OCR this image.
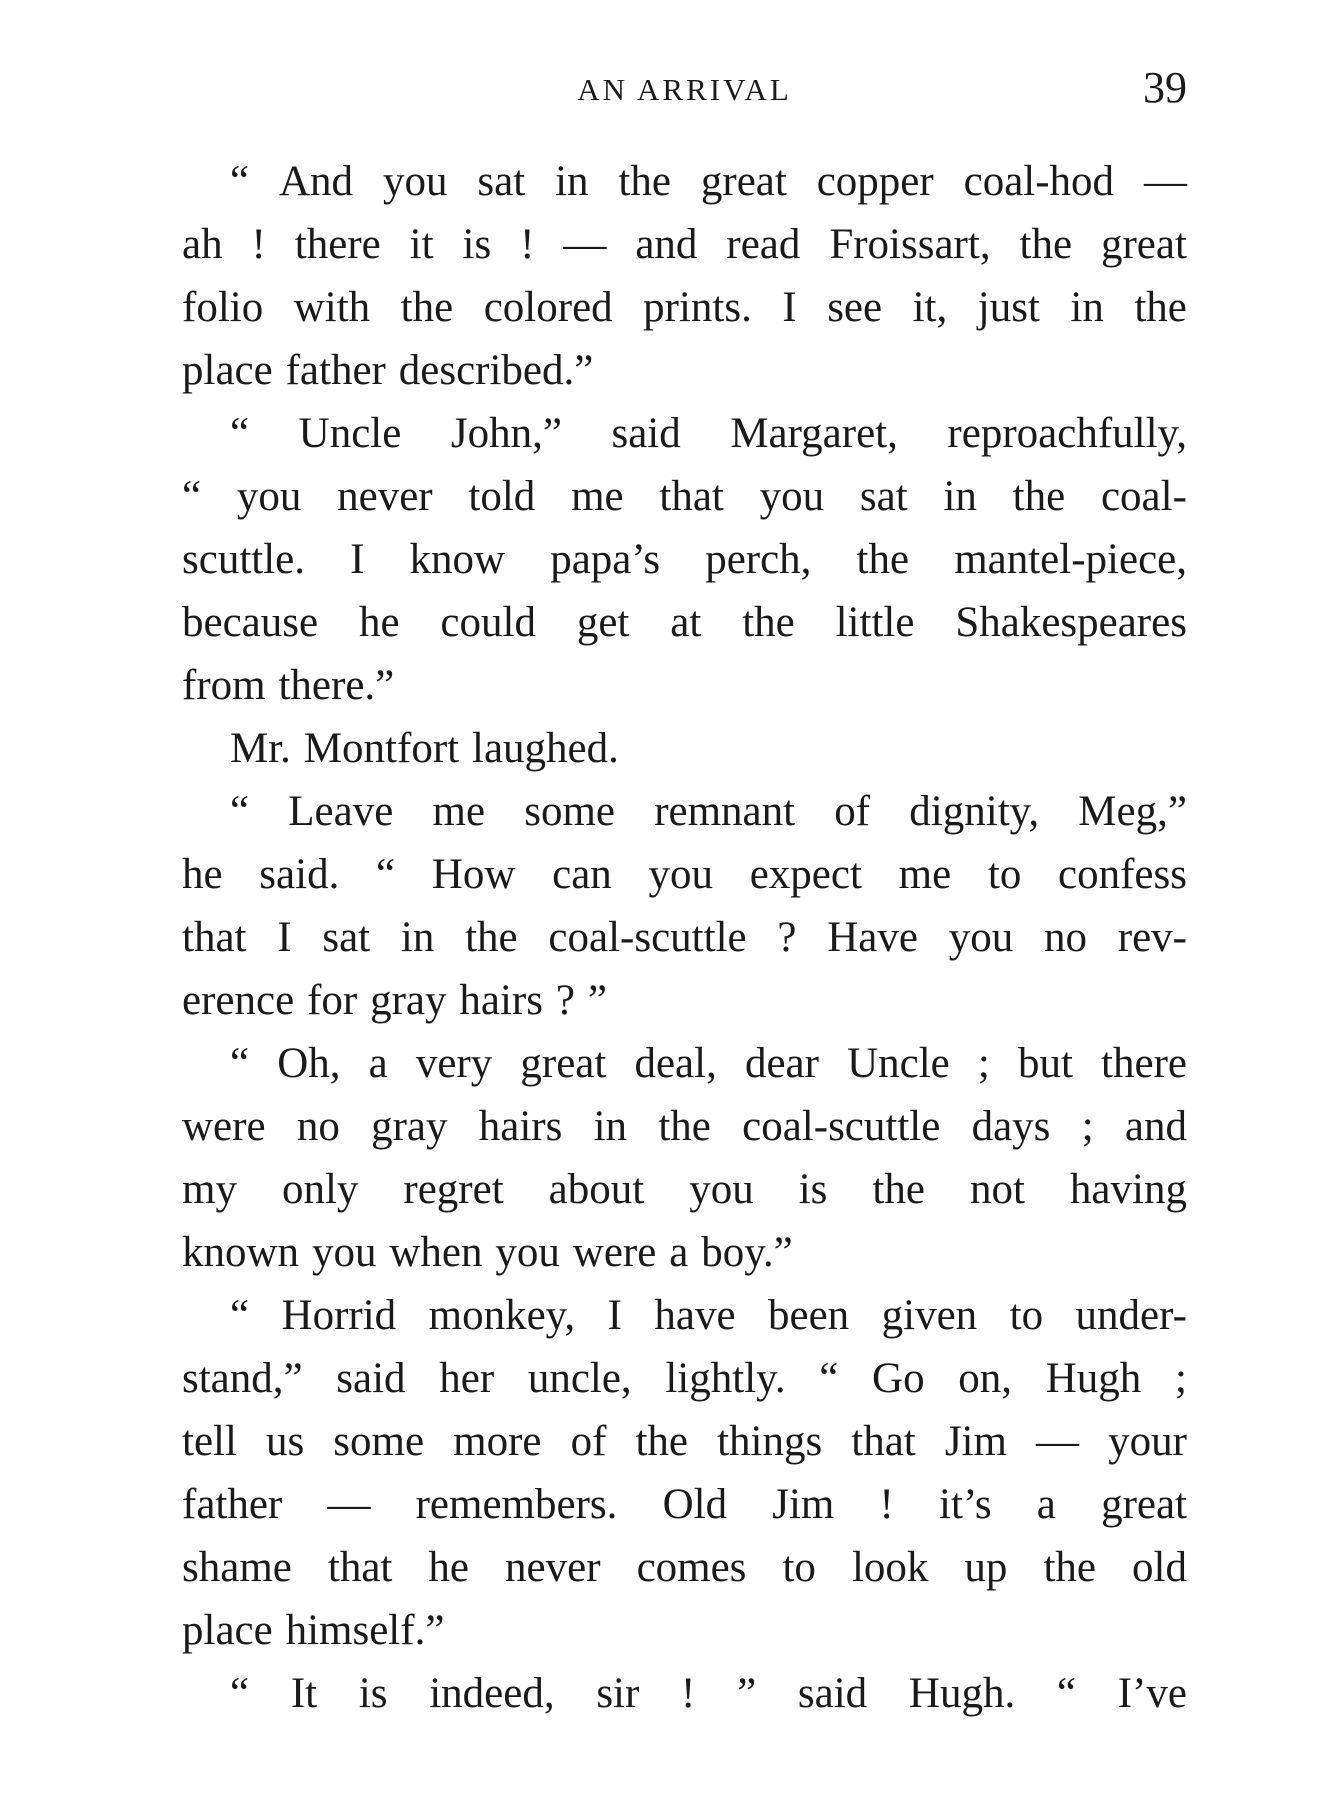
AN ARRIVAL	39
“ And you sat in the great copper coal-hod —
ah ! there it is ! — and read Froissart, the great
folio with the colored prints. I see it, just in the
place father described.”
“ Uncle John,” said Margaret, reproachfully,
“ you never told me that you sat in the coal-
scuttle. I know papa’s perch, the mantel-piece,
because he could get at the little Shakespeares
from there.”
Mr. Montfort laughed.
“ Leave me some remnant of dignity, Meg,”
he said. “ How can you expect me to confess
that I sat in the coal-scuttle ? Have you no rev-
erence for gray hairs ? ”
“ Oh, a very great deal, dear Uncle ; but there
were no gray hairs in the coal-scuttle days ; and
my only regret about you is the not having
known you when you were a boy.”
“ Horrid monkey, I have been given to under-
stand,” said her uncle, lightly. “ Go on, Hugh ;
tell us some more of the things that Jim — your
father — remembers. Old Jim ! it’s a great
shame that he never comes to look up the old
place himself.”
“ It is indeed, sir ! ” said Hugh. “ I’ve
